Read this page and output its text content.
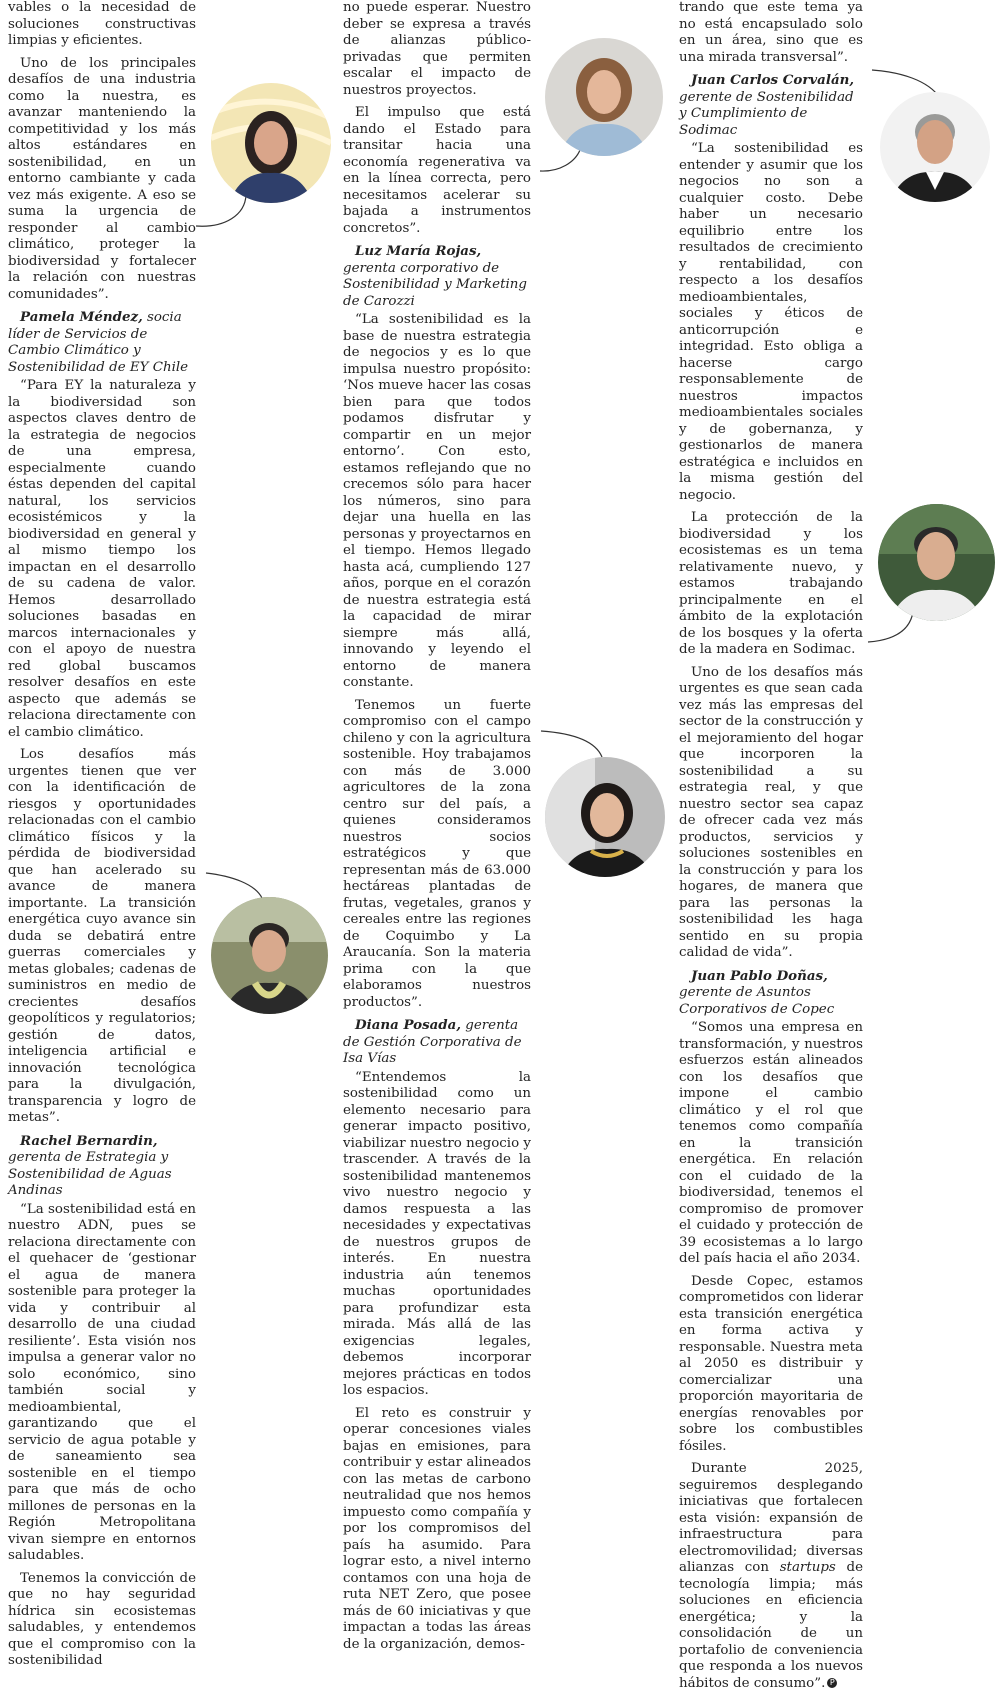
vables o la necesidad de soluciones constructivas limpias y eficientes.

Uno de los principales desafíos de una industria como la nuestra, es avanzar manteniendo la competitividad y los más altos estándares en sostenibilidad, en un entorno cambiante y cada vez más exigente. A eso se suma la urgencia de responder al cambio climático, proteger la biodiversidad y fortalecer la relación con nuestras comunidades”.

Pamela Méndez, socia líder de Servicios de Cambio Climático y Sostenibilidad de EY Chile

“Para EY la naturaleza y la biodiversidad son aspectos claves dentro de la estrategia de negocios de una empresa, especialmente cuando éstas dependen del capital natural, los servicios ecosistémicos y la biodiversidad en general y al mismo tiempo los impactan en el desarrollo de su cadena de valor. Hemos desarrollado soluciones basadas en marcos internacionales y con el apoyo de nuestra red global buscamos resolver desafíos en este aspecto que además se relaciona directamente con el cambio climático.

Los desafíos más urgentes tienen que ver con la identificación de riesgos y oportunidades relacionadas con el cambio climático físicos y la pérdida de biodiversidad que han acelerado su avance de manera importante. La transición energética cuyo avance sin duda se debatirá entre guerras comerciales y metas globales; cadenas de suministros en medio de crecientes desafíos geopolíticos y regulatorios; gestión de datos, inteligencia artificial e innovación tecnológica para la divulgación, transparencia y logro de metas”.

Rachel Bernardin, gerenta de Estrategia y Sostenibilidad de Aguas Andinas

“La sostenibilidad está en nuestro ADN, pues se relaciona directamente con el quehacer de ‘gestionar el agua de manera sostenible para proteger la vida y contribuir al desarrollo de una ciudad resiliente’. Esta visión nos impulsa a generar valor no solo económico, sino también social y medioambiental, garantizando que el servicio de agua potable y de saneamiento sea sostenible en el tiempo para que más de ocho millones de personas en la Región Metropolitana vivan siempre en entornos saludables.

Tenemos la convicción de que no hay seguridad hídrica sin ecosistemas saludables, y entendemos que el compromiso con la sostenibilidad

no puede esperar. Nuestro deber se expresa a través de alianzas público-privadas que permiten escalar el impacto de nuestros proyectos.

El impulso que está dando el Estado para transitar hacia una economía regenerativa va en la línea correcta, pero necesitamos acelerar su bajada a instrumentos concretos”.

Luz María Rojas, gerenta corporativo de Sostenibilidad y Marketing de Carozzi

“La sostenibilidad es la base de nuestra estrategia de negocios y es lo que impulsa nuestro propósito: ‘Nos mueve hacer las cosas bien para que todos podamos disfrutar y compartir en un mejor entorno’. Con esto, estamos reflejando que no crecemos sólo para hacer los números, sino para dejar una huella en las personas y proyectarnos en el tiempo. Hemos llegado hasta acá, cumpliendo 127 años, porque en el corazón de nuestra estrategia está la capacidad de mirar siempre más allá, innovando y leyendo el entorno de manera constante.

Tenemos un fuerte compromiso con el campo chileno y con la agricultura sostenible. Hoy trabajamos con más de 3.000 agricultores de la zona centro sur del país, a quienes consideramos nuestros socios estratégicos y que representan más de 63.000 hectáreas plantadas de frutas, vegetales, granos y cereales entre las regiones de Coquimbo y La Araucanía. Son la materia prima con la que elaboramos nuestros productos”.

Diana Posada, gerenta de Gestión Corporativa de Isa Vías

“Entendemos la sostenibilidad como un elemento necesario para generar impacto positivo, viabilizar nuestro negocio y trascender. A través de la sostenibilidad mantenemos vivo nuestro negocio y damos respuesta a las necesidades y expectativas de nuestros grupos de interés. En nuestra industria aún tenemos muchas oportunidades para profundizar esta mirada. Más allá de las exigencias legales, debemos incorporar mejores prácticas en todos los espacios.

El reto es construir y operar concesiones viales bajas en emisiones, para contribuir y estar alineados con las metas de carbono neutralidad que nos hemos impuesto como compañía y por los compromisos del país ha asumido. Para lograr esto, a nivel interno contamos con una hoja de ruta NET Zero, que posee más de 60 iniciativas y que impactan a todas las áreas de la organización, demos-

trando que este tema ya no está encapsulado solo en un área, sino que es una mirada transversal”.

Juan Carlos Corvalán, gerente de Sostenibilidad y Cumplimiento de Sodimac

“La sostenibilidad es entender y asumir que los negocios no son a cualquier costo. Debe haber un necesario equilibrio entre los resultados de crecimiento y rentabilidad, con respecto a los desafíos medioambientales, sociales y éticos de anticorrupción e integridad. Esto obliga a hacerse cargo responsablemente de nuestros impactos medioambientales sociales y de gobernanza, y gestionarlos de manera estratégica e incluidos en la misma gestión del negocio.

La protección de la biodiversidad y los ecosistemas es un tema relativamente nuevo, y estamos trabajando principalmente en el ámbito de la explotación de los bosques y la oferta de la madera en Sodimac.

Uno de los desafíos más urgentes es que sean cada vez más las empresas del sector de la construcción y el mejoramiento del hogar que incorporen la sostenibilidad a su estrategia real, y que nuestro sector sea capaz de ofrecer cada vez más productos, servicios y soluciones sostenibles en la construcción y para los hogares, de manera que para las personas la sostenibilidad les haga sentido en su propia calidad de vida”.

Juan Pablo Doñas, gerente de Asuntos Corporativos de Copec

“Somos una empresa en transformación, y nuestros esfuerzos están alineados con los desafíos que impone el cambio climático y el rol que tenemos como compañía en la transición energética. En relación con el cuidado de la biodiversidad, tenemos el compromiso de promover el cuidado y protección de 39 ecosistemas a lo largo del país hacia el año 2034.

Desde Copec, estamos comprometidos con liderar esta transición energética en forma activa y responsable. Nuestra meta al 2050 es distribuir y comercializar una proporción mayoritaria de energías renovables por sobre los combustibles fósiles.

Durante 2025, seguiremos desplegando iniciativas que fortalecen esta visión: expansión de infraestructura para electromovilidad; diversas alianzas con startups de tecnología limpia; más soluciones en eficiencia energética; y la consolidación de un portafolio de conveniencia que responda a los nuevos hábitos de consumo”. P
